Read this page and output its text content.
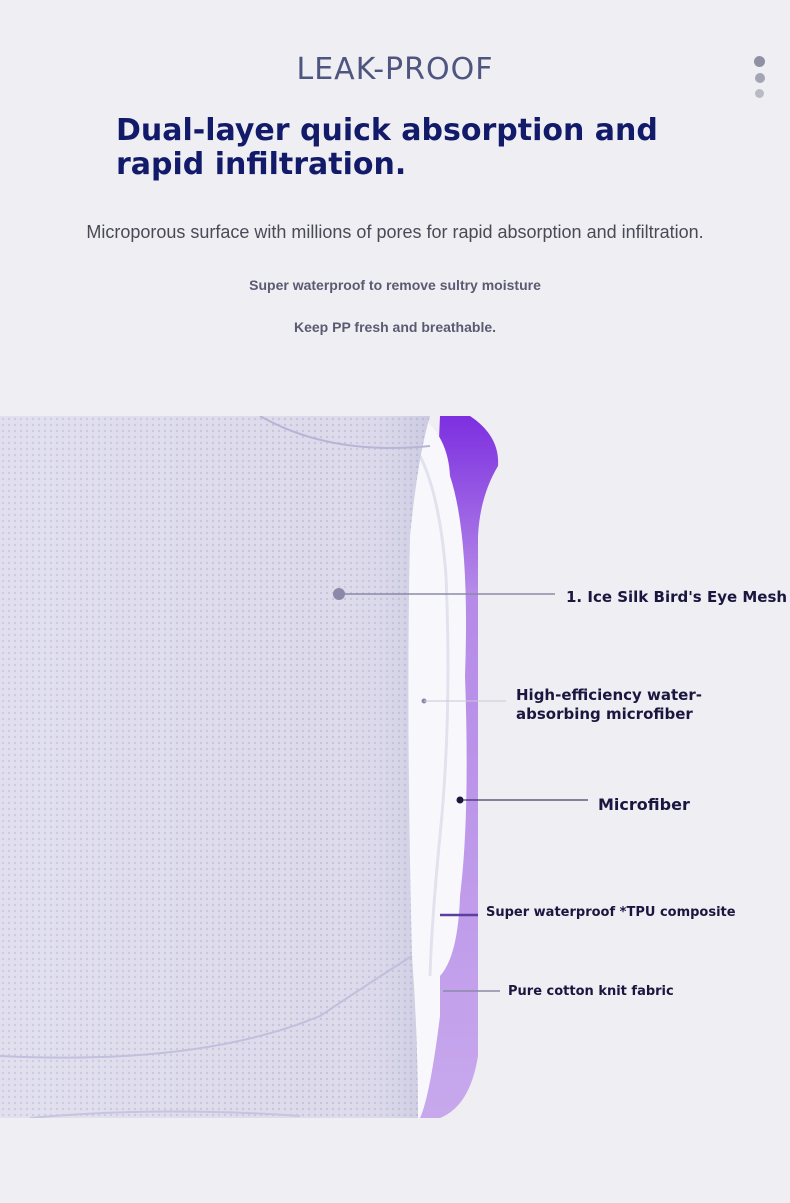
LEAK-PROOF
Dual-layer quick absorption and rapid infiltration.
Microporous surface with millions of pores for rapid absorption and infiltration.
Super waterproof to remove sultry moisture
Keep PP fresh and breathable.
1. Ice Silk Bird's Eye Mesh
High-efficiency water-absorbing microfiber
Microfiber
Super waterproof *TPU composite
Pure cotton knit fabric
